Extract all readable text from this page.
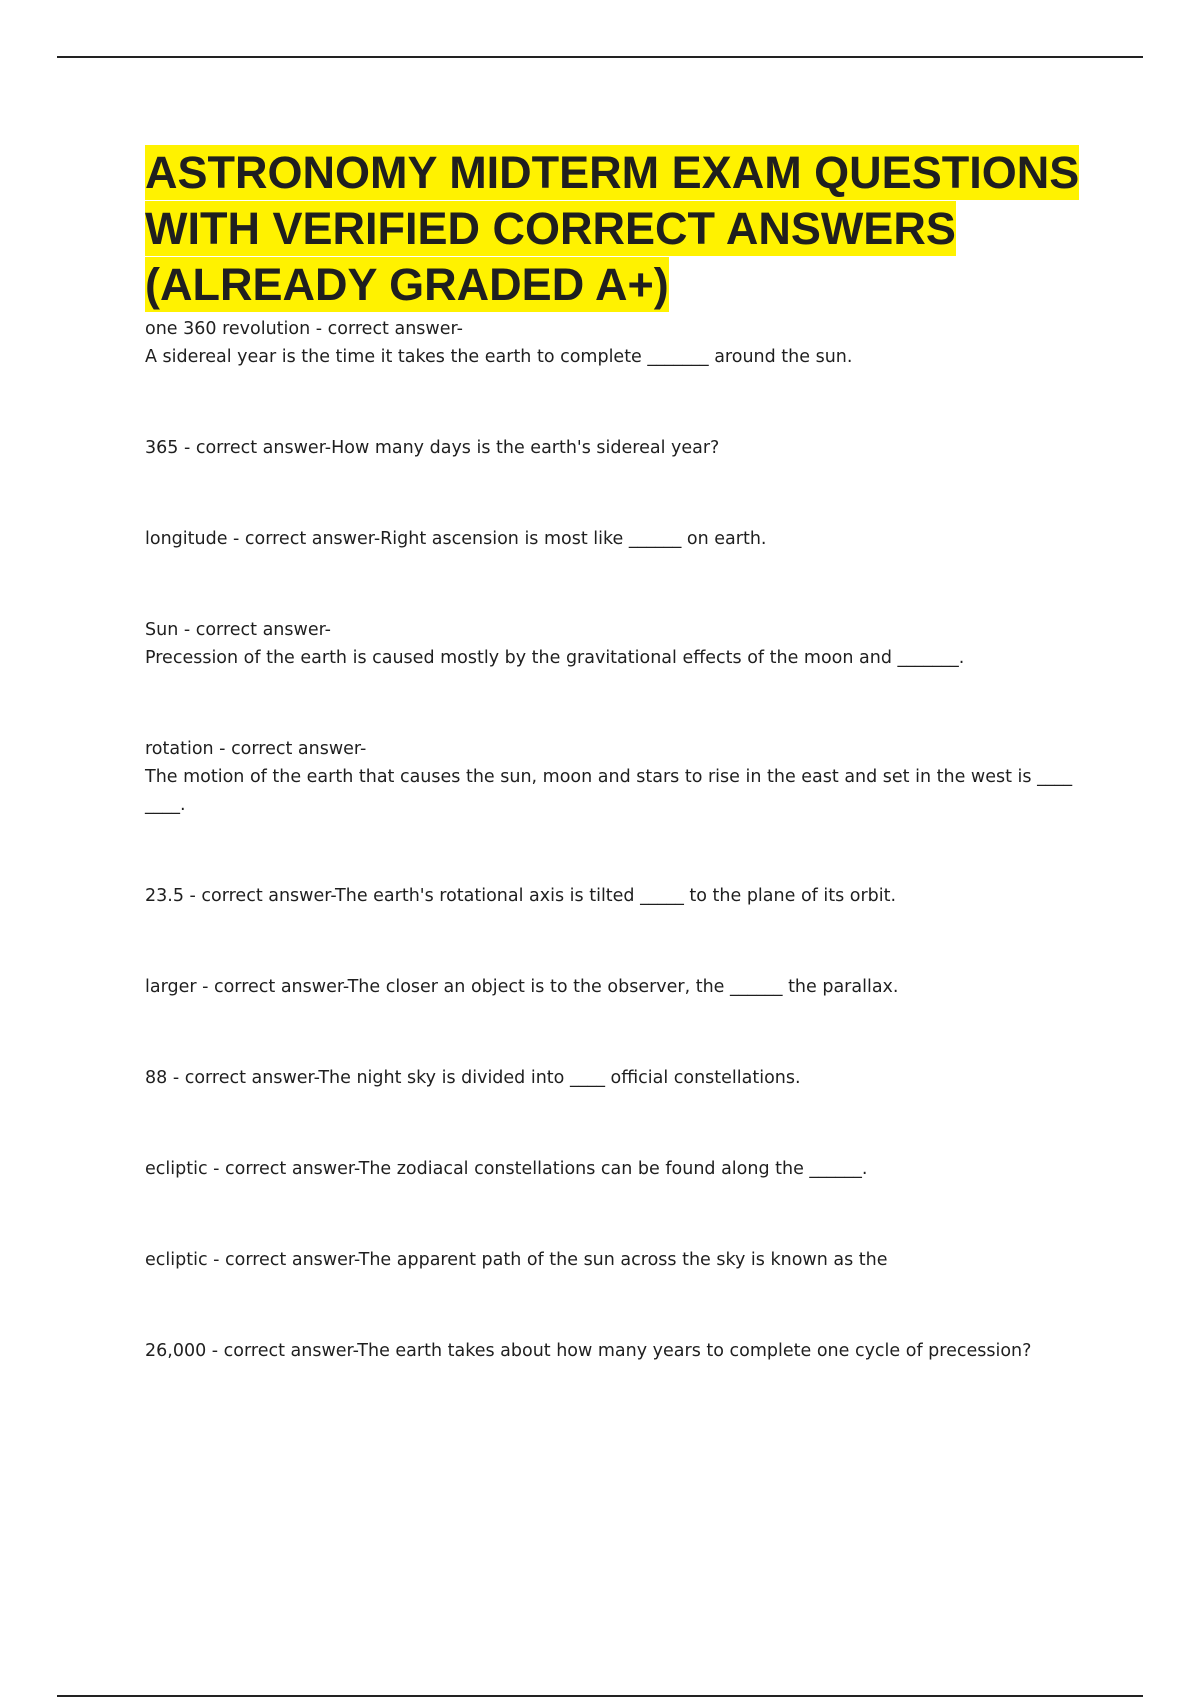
ASTRONOMY MIDTERM EXAM QUESTIONS WITH VERIFIED CORRECT ANSWERS (ALREADY GRADED A+)
one 360 revolution - correct answer-
A sidereal year is the time it takes the earth to complete _______ around the sun.
365 - correct answer-How many days is the earth's sidereal year?
longitude - correct answer-Right ascension is most like ______ on earth.
Sun - correct answer-
Precession of the earth is caused mostly by the gravitational effects of the moon and _______.
rotation - correct answer-
The motion of the earth that causes the sun, moon and stars to rise in the east and set in the west is ____ ____.
23.5 - correct answer-The earth's rotational axis is tilted _____ to the plane of its orbit.
larger - correct answer-The closer an object is to the observer, the ______ the parallax.
88 - correct answer-The night sky is divided into ____ official constellations.
ecliptic - correct answer-The zodiacal constellations can be found along the ______.
ecliptic - correct answer-The apparent path of the sun across the sky is known as the
26,000 - correct answer-The earth takes about how many years to complete one cycle of precession?
